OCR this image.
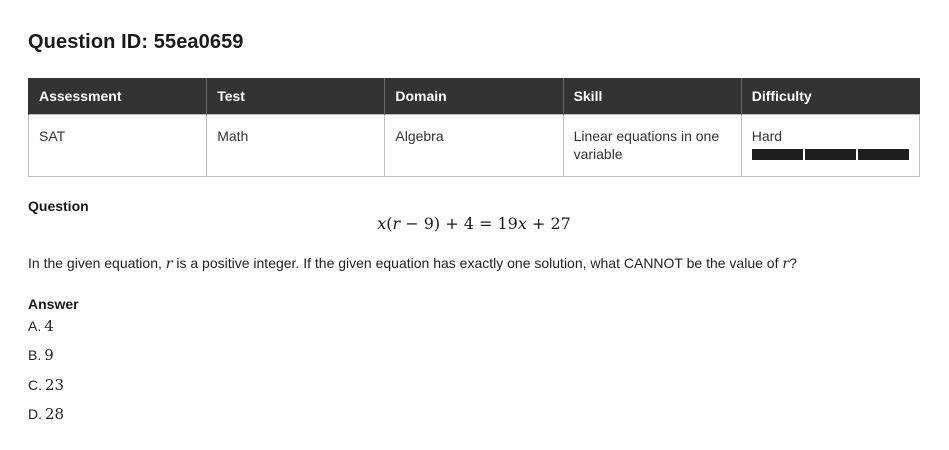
Question ID: 55ea0659
Assessment	Test	Domain	Skill	Difficulty
SAT	Math	Algebra	Linear equations in one variable	Hard
Question
x(r − 9) + 4 = 19x + 27
In the given equation, r is a positive integer. If the given equation has exactly one solution, what CANNOT be the value of r?
Answer
A. 4
B. 9
C. 23
D. 28
